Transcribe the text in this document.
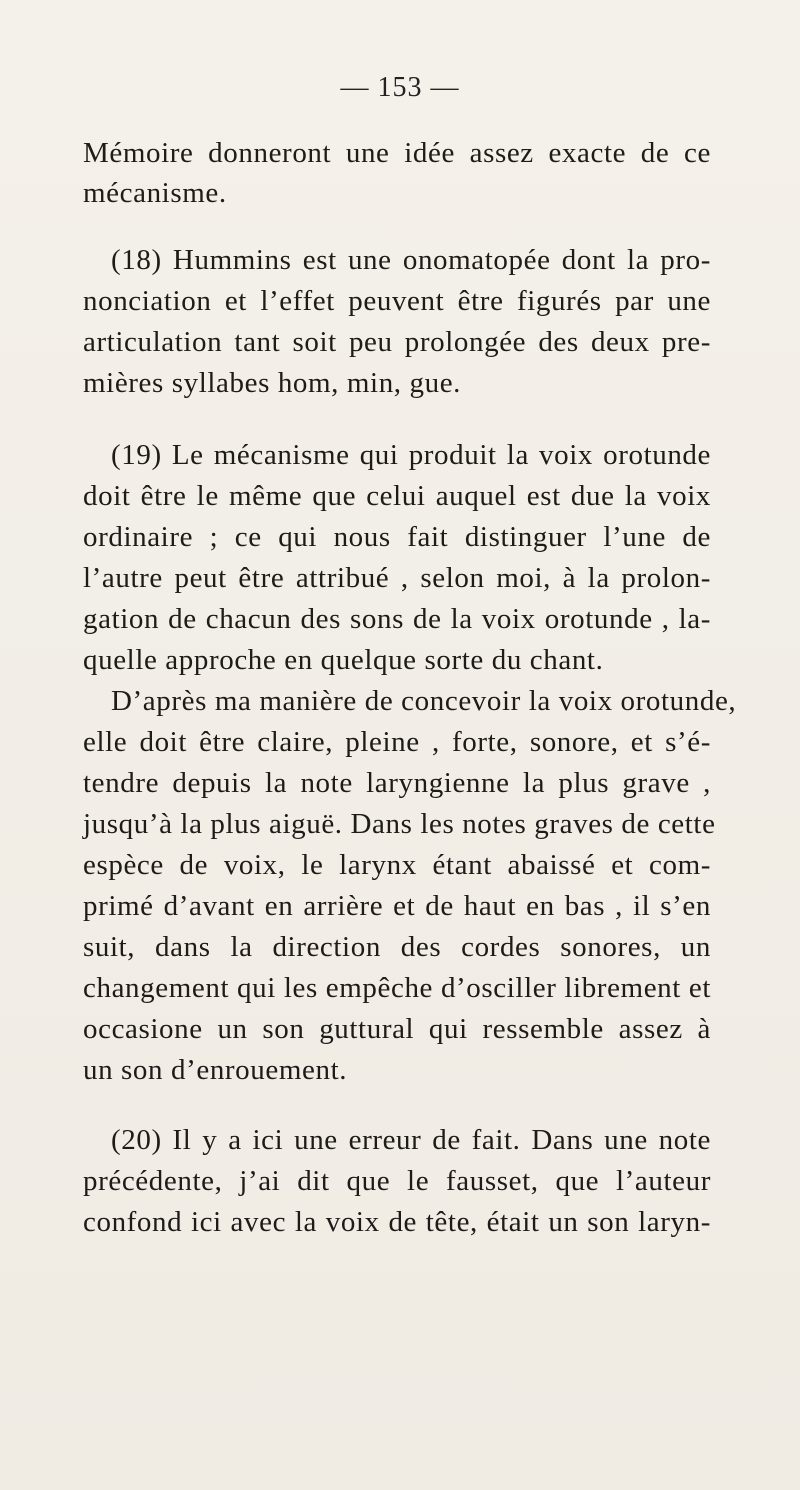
— 153 —
Mémoire donneront une idée assez exacte de ce
mécanisme.
(18) Hummins est une onomatopée dont la pro-
nonciation et l’effet peuvent être figurés par une
articulation tant soit peu prolongée des deux pre-
mières syllabes hom, min, gue.
(19) Le mécanisme qui produit la voix orotunde
doit être le même que celui auquel est due la voix
ordinaire ; ce qui nous fait distinguer l’une de
l’autre peut être attribué , selon moi, à la prolon-
gation de chacun des sons de la voix orotunde , la-
quelle approche en quelque sorte du chant.
D’après ma manière de concevoir la voix orotunde,
elle doit être claire, pleine , forte, sonore, et s’é-
tendre depuis la note laryngienne la plus grave ,
jusqu’à la plus aiguë. Dans les notes graves de cette
espèce de voix, le larynx étant abaissé et com-
primé d’avant en arrière et de haut en bas , il s’en
suit, dans la direction des cordes sonores, un
changement qui les empêche d’osciller librement et
occasione un son guttural qui ressemble assez à
un son d’enrouement.
(20) Il y a ici une erreur de fait. Dans une note
précédente, j’ai dit que le fausset, que l’auteur
confond ici avec la voix de tête, était un son laryn-
